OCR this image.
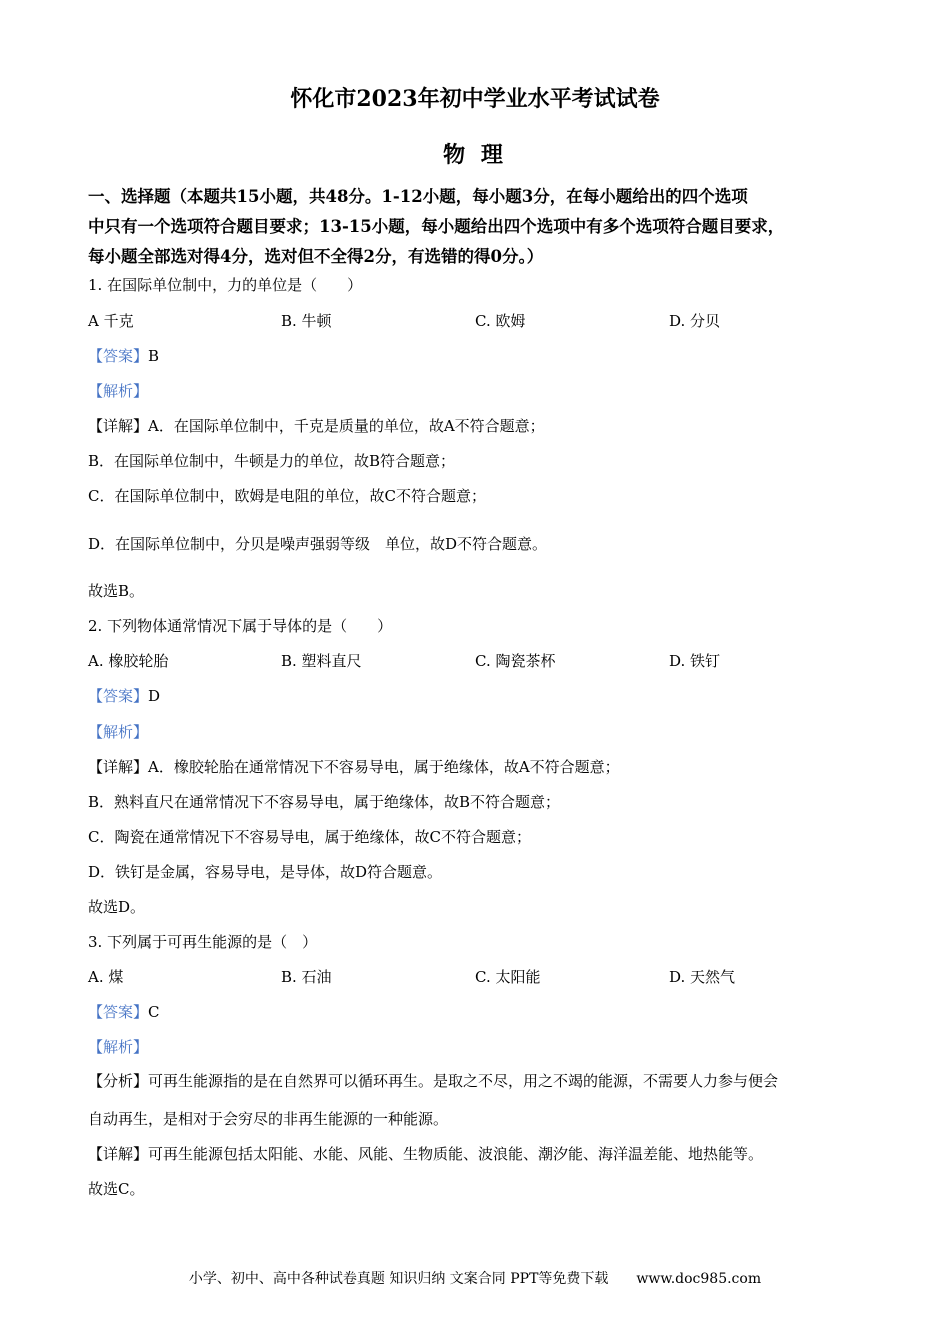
怀化市2023年初中学业水平考试试卷
物 理
一、选择题（本题共15小题，共48分。1-12小题，每小题3分，在每小题给出的四个选项
中只有一个选项符合题目要求；13-15小题，每小题给出四个选项中有多个选项符合题目要求，
每小题全部选对得4分，选对但不全得2分，有选错的得0分。）
1. 在国际单位制中，力的单位是（　　）
A 千克	B. 牛顿	C. 欧姆	D. 分贝
【答案】B
【解析】
【详解】A．在国际单位制中，千克是质量的单位，故A不符合题意；
B．在国际单位制中，牛顿是力的单位，故B符合题意；
C．在国际单位制中，欧姆是电阻的单位，故C不符合题意；
D．在国际单位制中，分贝是噪声强弱等级　单位，故D不符合题意。
故选B。
2. 下列物体通常情况下属于导体的是（　　）
A. 橡胶轮胎	B. 塑料直尺	C. 陶瓷茶杯	D. 铁钉
【答案】D
【解析】
【详解】A．橡胶轮胎在通常情况下不容易导电，属于绝缘体，故A不符合题意；
B．熟料直尺在通常情况下不容易导电，属于绝缘体，故B不符合题意；
C．陶瓷在通常情况下不容易导电，属于绝缘体，故C不符合题意；
D．铁钉是金属，容易导电，是导体，故D符合题意。
故选D。
3. 下列属于可再生能源的是（　）
A. 煤	B. 石油	C. 太阳能	D. 天然气
【答案】C
【解析】
【分析】可再生能源指的是在自然界可以循环再生。是取之不尽，用之不竭的能源，不需要人力参与便会
自动再生，是相对于会穷尽的非再生能源的一种能源。
【详解】可再生能源包括太阳能、水能、风能、生物质能、波浪能、潮汐能、海洋温差能、地热能等。
故选C。
小学、初中、高中各种试卷真题 知识归纳 文案合同 PPT等免费下载　　www.doc985.com
